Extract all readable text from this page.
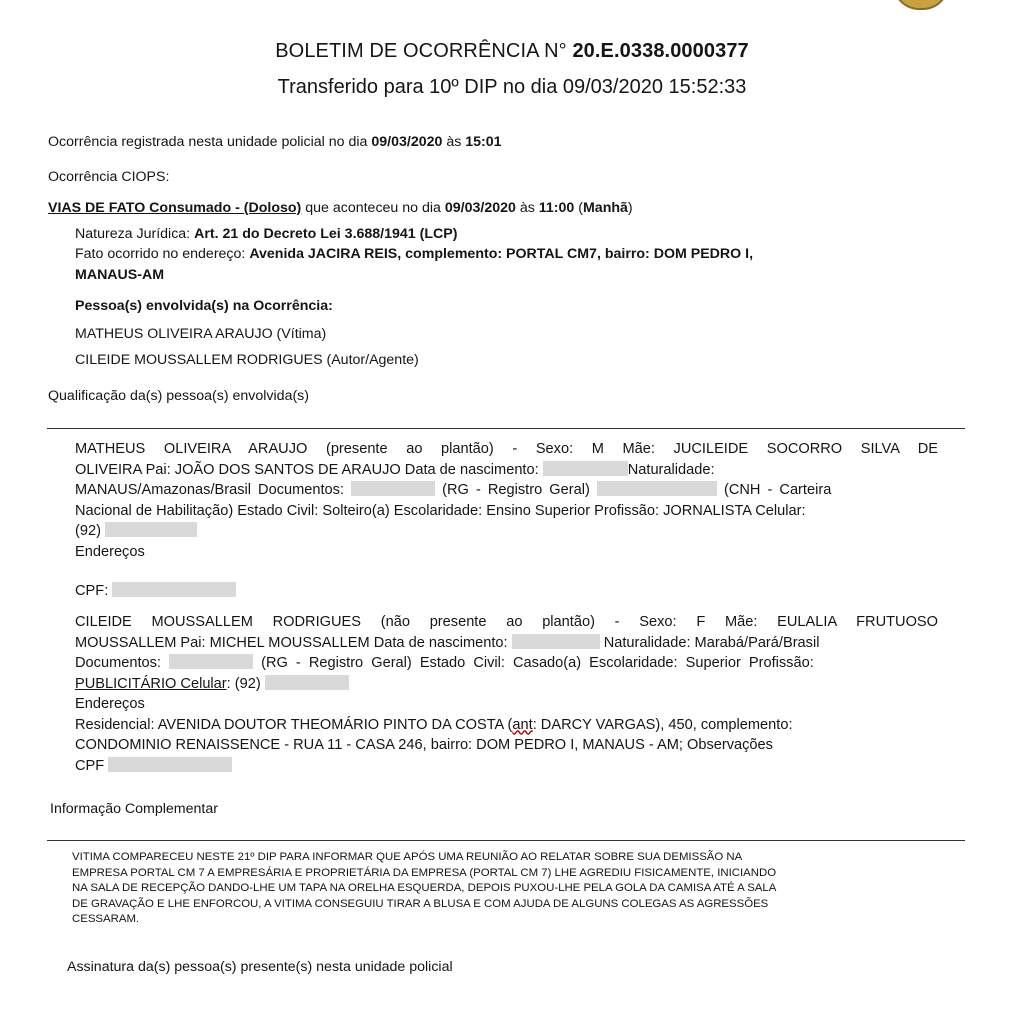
BOLETIM DE OCORRÊNCIA N° 20.E.0338.0000377
Transferido para 10º DIP no dia 09/03/2020 15:52:33
Ocorrência registrada nesta unidade policial no dia 09/03/2020 às 15:01
Ocorrência CIOPS:
VIAS DE FATO Consumado - (Doloso) que aconteceu no dia 09/03/2020 às 11:00 (Manhã)
Natureza Jurídica: Art. 21 do Decreto Lei 3.688/1941 (LCP)
Fato ocorrido no endereço: Avenida JACIRA REIS, complemento: PORTAL CM7, bairro: DOM PEDRO I,
MANAUS-AM
Pessoa(s) envolvida(s) na Ocorrência:
MATHEUS OLIVEIRA ARAUJO (Vítima)
CILEIDE MOUSSALLEM RODRIGUES (Autor/Agente)
Qualificação da(s) pessoa(s) envolvida(s)
MATHEUS OLIVEIRA ARAUJO (presente ao plantão) - Sexo: M Mãe: JUCILEIDE SOCORRO SILVA DE
OLIVEIRA Pai: JOÃO DOS SANTOS DE ARAUJO Data de nascimento:	Naturalidade:
MANAUS/Amazonas/Brasil Documentos:	(RG - Registro Geral)	(CNH - Carteira
Nacional de Habilitação) Estado Civil: Solteiro(a) Escolaridade: Ensino Superior Profissão: JORNALISTA Celular:
(92)
Endereços
CPF:
CILEIDE MOUSSALLEM RODRIGUES (não presente ao plantão) - Sexo: F Mãe: EULALIA FRUTUOSO
MOUSSALLEM Pai: MICHEL MOUSSALLEM Data de nascimento:	Naturalidade: Marabá/Pará/Brasil
Documentos:	(RG - Registro Geral) Estado Civil: Casado(a) Escolaridade: Superior Profissão:
PUBLICITÁRIO Celular: (92)
Endereços
Residencial: AVENIDA DOUTOR THEOMÁRIO PINTO DA COSTA (ant: DARCY VARGAS), 450, complemento:
CONDOMINIO RENAISSENCE - RUA 11 - CASA 246, bairro: DOM PEDRO I, MANAUS - AM; Observações
CPF
Informação Complementar
VITIMA COMPARECEU NESTE 21º DIP PARA INFORMAR QUE APÓS UMA REUNIÃO AO RELATAR SOBRE SUA DEMISSÃO NA
EMPRESA PORTAL CM 7 A EMPRESÁRIA E PROPRIETÁRIA DA EMPRESA (PORTAL CM 7) LHE AGREDIU FISICAMENTE, INICIANDO
NA SALA DE RECEPÇÃO DANDO-LHE UM TAPA NA ORELHA ESQUERDA, DEPOIS PUXOU-LHE PELA GOLA DA CAMISA ATÉ A SALA
DE GRAVAÇÃO E LHE ENFORCOU, A VITIMA CONSEGUIU TIRAR A BLUSA E COM AJUDA DE ALGUNS COLEGAS AS AGRESSÕES
CESSARAM.
Assinatura da(s) pessoa(s) presente(s) nesta unidade policial
